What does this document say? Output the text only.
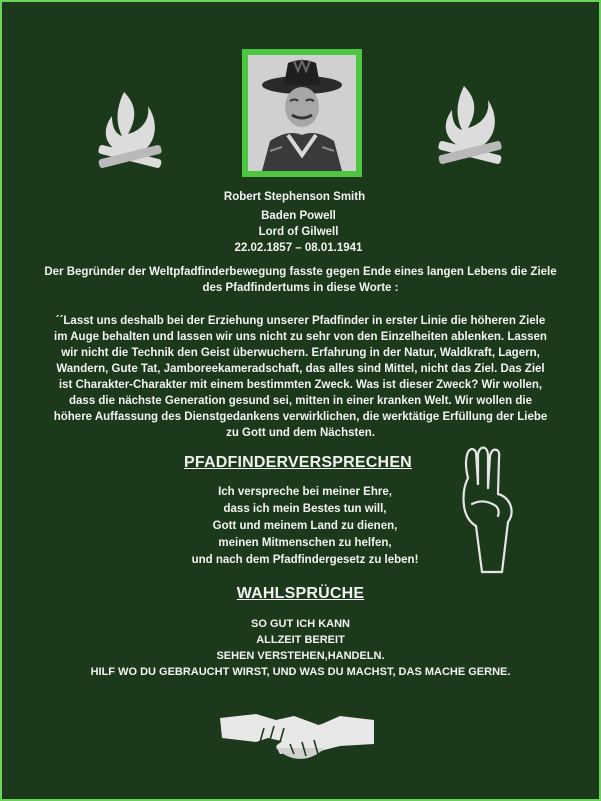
Robert Stephenson Smith
Baden Powell
Lord of Gilwell
22.02.1857 – 08.01.1941
Der Begründer der Weltpfadfinderbewegung fasste gegen Ende eines langen Lebens die Ziele
des Pfadfindertums in diese Worte :
´´Lasst uns deshalb bei der Erziehung unserer Pfadfinder in erster Linie die höheren Ziele
im Auge behalten und lassen wir uns nicht zu sehr von den Einzelheiten ablenken. Lassen
wir nicht die Technik den Geist überwuchern. Erfahrung in der Natur, Waldkraft, Lagern,
Wandern, Gute Tat, Jamboreekameradschaft, das alles sind Mittel, nicht das Ziel. Das Ziel
ist Charakter-Charakter mit einem bestimmten Zweck. Was ist dieser Zweck? Wir wollen,
dass die nächste Generation gesund sei, mitten in einer kranken Welt. Wir wollen die
höhere Auffassung des Dienstgedankens verwirklichen, die werktätige Erfüllung der Liebe
zu Gott und dem Nächsten.
PFADFINDERVERSPRECHEN
Ich verspreche bei meiner Ehre,
dass ich mein Bestes tun will,
Gott und meinem Land zu dienen,
meinen Mitmenschen zu helfen,
und nach dem Pfadfindergesetz zu leben!
WAHLSPRÜCHE
SO GUT ICH KANN
ALLZEIT BEREIT
SEHEN VERSTEHEN,HANDELN.
HILF WO DU GEBRAUCHT WIRST, UND WAS DU MACHST, DAS MACHE GERNE.
